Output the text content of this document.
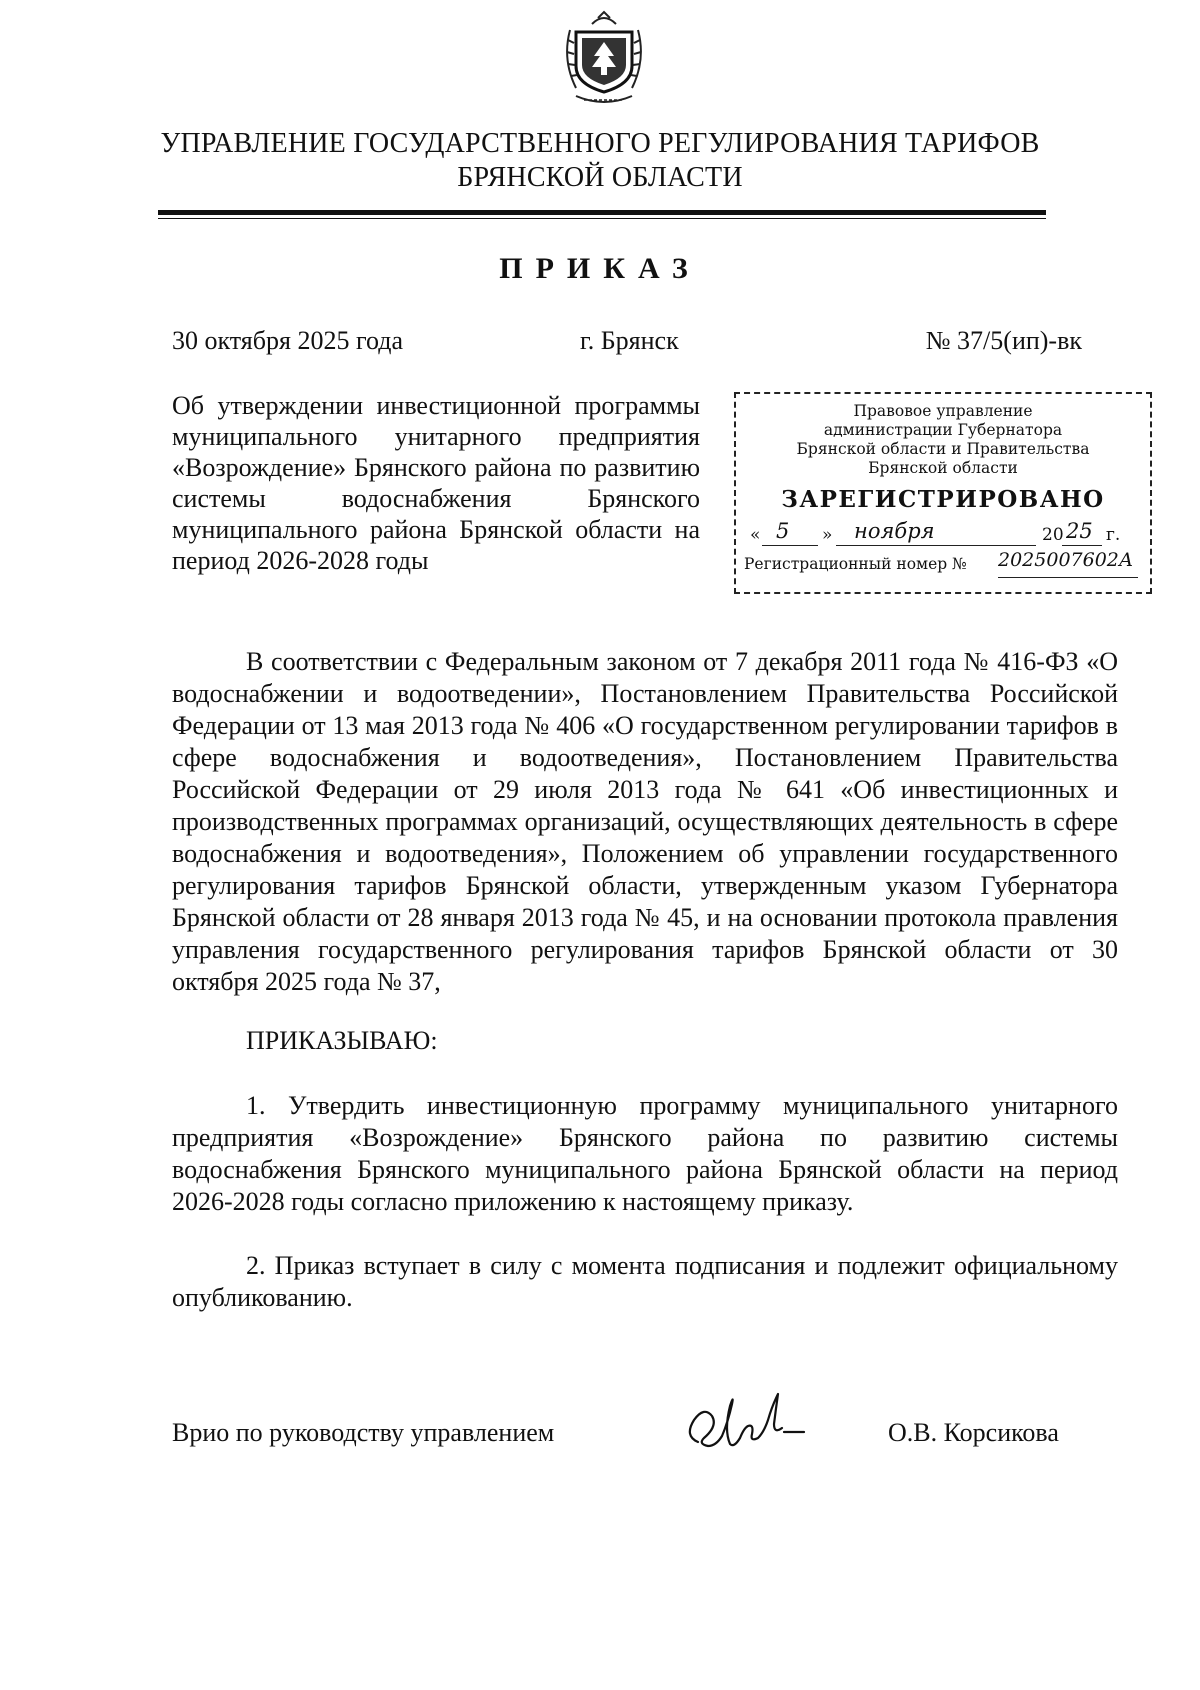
УПРАВЛЕНИЕ ГОСУДАРСТВЕННОГО РЕГУЛИРОВАНИЯ ТАРИФОВ
БРЯНСКОЙ ОБЛАСТИ
ПРИКАЗ
30 октября 2025 года	г. Брянск	№ 37/5(ип)-вк
Об утверждении инвестиционной программы муниципального унитарного предприятия «Возрождение» Брянского района по развитию системы водоснабжения Брянского муниципального района Брянской области на период 2026-2028 годы
Правовое управление
администрации Губернатора
Брянской области и Правительства
Брянской области
ЗАРЕГИСТРИРОВАНО
« 5 » ноября	20 25 г.
Регистрационный номер № 2025007602А
В соответствии с Федеральным законом от 7 декабря 2011 года № 416-ФЗ «О водоснабжении и водоотведении», Постановлением Правительства Российской Федерации от 13 мая 2013 года № 406 «О государственном регулировании тарифов в сфере водоснабжения и водоотведения», Постановлением Правительства Российской Федерации от 29 июля 2013 года № 641 «Об инвестиционных и производственных программах организаций, осуществляющих деятельность в сфере водоснабжения и водоотведения», Положением об управлении государственного регулирования тарифов Брянской области, утвержденным указом Губернатора Брянской области от 28 января 2013 года № 45, и на основании протокола правления управления государственного регулирования тарифов Брянской области от 30 октября 2025 года № 37,
ПРИКАЗЫВАЮ:
1. Утвердить инвестиционную программу муниципального унитарного предприятия «Возрождение» Брянского района по развитию системы водоснабжения Брянского муниципального района Брянской области на период 2026-2028 годы согласно приложению к настоящему приказу.
2. Приказ вступает в силу с момента подписания и подлежит официальному опубликованию.
Врио по руководству управлением	О.В. Корсикова
